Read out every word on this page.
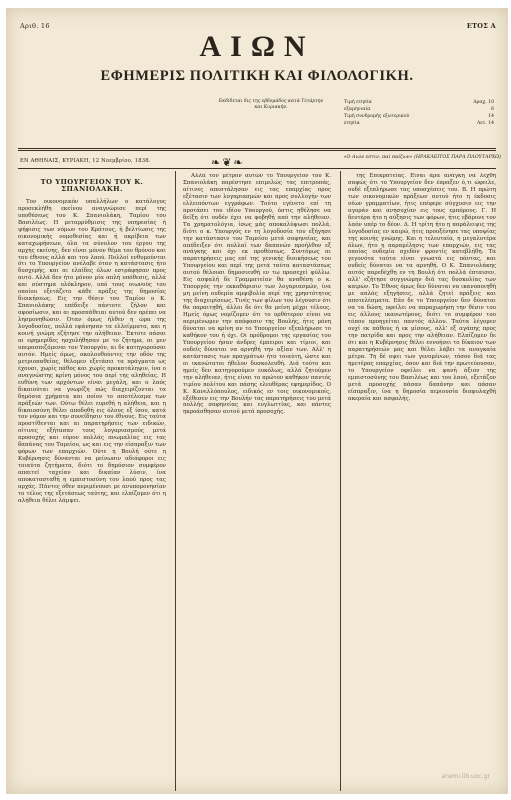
Αριθ. 16	ΕΤΟΣ Α
ΑΙΩΝ
ΕΦΗΜΕΡΙΣ ΠΟΛΙΤΙΚΗ ΚΑΙ ΦΙΛΟΛΟΓΙΚΗ.
Εκδίδεται δις της εβδομάδος κατά Τετάρτην και Κυριακήν.
Τιμή ετησία	Δραχ. 10
εξαμηνιαία	6
Τιμή συνδρομής εξωτερικού	14
ετησία	Λετ. 14
ΕΝ ΑΘΗΝΑΙΣ, ΚΥΡΙΑΚΗ, 12 Νοεμβρίου, 1838.	❧❦❧	«Ο Αιών εστιν, παί παίζων» (ΗΡΑΚΛΕΙΤΟΣ ΠΑΡΑ ΠΛΟΥΤΑΡΧΩ)
ΤΟ ΥΠΟΥΡΓΕΙΟΝ ΤΟΥ Κ. ΣΠΑΝΙΟΛΑΚΗ.

Τον οικονομικόν υπαλλήλων ο κατάλογος προσεκλήθη εκείνου αναγνώρισε περί της υποθέσεως του Κ. Σπανιολάκη, Ταμίου του Βασιλέως. Η μεταρρύθμισις της υπηρεσίας ή ψήφισις των νόμων του Κράτους, ή βελτίωσις της οικονομικής νομοθεσίας και ή ακρίβεια των καταχωρήσεων, όλα τα σύνολον του έργου της αρχής εκείνης, δεν είναι μόνον θέμα του θρόνου και του έθνους αλλά και του λαού. Πολλοί ενθυμούνται ότι το Υπουργείον ανέλαβε όταν η κατάστασις ήτο δυσχερής, και αι ελπίδες όλων εστράφησαν προς αυτό. Αλλά δεν ήτο μόνον μία απλή υπόθεσις, αλλά και σύστημα ολόκληρον, υπό τους οιωνούς του οποίου εξετάζετο κάθε πράξις της δημοσίας διοικήσεως. Εις την θέσιν του Ταμίου ο Κ. Σπανιολάκης επέδειξε πάντοτε ζήλον και αφοσίωσιν, και αι προσπάθειαι αυτού δεν πρέπει να λησμονηθώσιν. Όταν όμως ήλθεν η ώρα της λογοδοσίας, πολλά εφάνησαν τα ελλείμματα, και η κοινή γνώμη εζήτησε την αλήθειαν. Έκτοτε πάσαι αι εφημερίδες ησχολήθησαν με το ζήτημα, αι μεν υπερασπιζόμεναι τον Υπουργόν, αι δε κατηγορούσαι αυτόν. Ημείς όμως, ακολουθούντες την οδόν της μετριοπαθείας, θέλομεν εξετάσει τα πράγματα ως έχουσι, χωρίς πάθος και χωρίς προκατάληψιν, ίνα ο αναγνώστης κρίνη μόνος του περί της αληθείας. Η ευθύνη των αρχόντων είναι μεγάλη, και ο λαός δικαιούται να γνωρίζη πώς διαχειρίζονται τα δημόσια χρήματα και ποίον το αποτέλεσμα των πράξεών των. Ούτω θέλει ευρεθή η αλήθεια, και η δικαιοσύνη θέλει αποδοθή εις όλους εξ ίσου, κατά τον νόμον και την συνείδησιν του έθνους. Εις ταύτα προστίθενται και αι παρατηρήσεις των ειδικών, οίτινες εξήτασαν τους λογαριασμούς μετά προσοχής και εύρον πολλάς ανωμαλίας εις τας δαπάνας του Ταμείου, ως και εις την είσπραξιν των φόρων των επαρχιών. Ούτε η Βουλή ούτε η Κυβέρνησις δύνανται να μείνωσιν αδιάφοροι εις τοιαύτα ζητήματα, διότι το δημόσιον συμφέρον απαιτεί ταχείαν και δικαίαν λύσιν, ίνα αποκατασταθή η εμπιστοσύνη του λαού προς τας αρχάς. Πάντες όθεν περιμένουσι με ανυπομονησίαν το τέλος της εξετάσεως ταύτης, και ελπίζομεν ότι η αλήθεια θέλει λάμψει.

Αλλά τον μέτρον αυτών το Υπουργείον του Κ. Σπανιολάκη παρέστησε επιμελώς τας επιτροπάς, αίτινες απεστάλησαν εις τας επαρχίας προς εξέτασιν των λογαριασμών και προς συλλογήν των ελλειπόντων εγγράφων. Τούτο εγένετο επί τη προτάσει του ιδίου Υπουργού, όστις ηθέλησε να δείξη ότι ουδέν έχει να φοβηθή από την αλήθειαν. Τα χρηματολόγια, ίσως μάς αποκαλύψωσι πολλά, διότι ο κ. Υπουργός εν τη λογοδοσία του εξήγησε την κατάστασιν του Ταμείου μετά σαφηνείας, και απέδειξεν ότι πολλαί των δαπανών προήλθον εξ ανάγκης και όχι εκ προθέσεως. Συντόμως αι παρατηρήσεις μας επί της γενικής διοικήσεως του Υπουργείου και περί της μετά ταύτα καταστάσεως αυτού θέλουσι δημοσιευθή εν τω προσεχεί φύλλω. Εις ασφαλή δε Γραμματείαν θα αναθέση ο κ. Υπουργός την εκκαθάρισιν των λογαριασμών, ίνα μη μείνη ουδεμία αμφιβολία περί της χρηστότητος της διαχειρίσεως. Τινές των φίλων του λέγουσιν ότι θα παραιτηθή, άλλοι δε ότι θα μείνη μέχρι τέλους. Ημείς όμως νομίζομεν ότι το ορθότερον είναι να περιμένωμεν την απόφασιν της Βουλής, ήτις μόνη δύναται να κρίνη αν το Υπουργείον εξεπλήρωσε το καθήκον του ή όχι. Οι πρόδρομοι της εργασίας του Υπουργείου ήσαν άνδρες έμπειροι και τίμιοι, και ουδείς δύναται να αρνηθή την αξίαν των. Αλλ’ η κατάστασις των πραγμάτων ήτο τοιαύτη, ώστε και οι ικανώτατοι ήθελον δυσκολευθή. Διά τούτο και ημείς δεν κατηγορούμεν ευκόλως, αλλά ζητούμεν την αλήθειαν, ήτις είναι το πρώτον καθήκον παντός τιμίου πολίτου και πάσης ελευθέρας εφημερίδος. Ο Κ. Κανελλόπουλος, ειδικός εν τοις οικονομικοίς, εξέθεσεν εις την Βουλήν τας παρατηρήσεις του μετά πολλής σαφηνείας και ευγλωττίας, και πάντες ηκροάσθησαν αυτού μετά προσοχής.

της Επικρατείας. Είναι άρα ανάγκη να λεχθή σαφώς ότι το Υπουργείον δεν έπραξεν ό,τι ώφειλε, ουδέ εξεπλήρωσε τας υποσχέσεις του. Β. Η πρώτη των οικονομικών πράξεων αυτού ήτο η έκδοσις νέων γραμματίων, ήτις επέφερε σύγχυσιν εις την αγοράν και ανησυχίαν εις τους εμπόρους. Γ. Η δευτέρα ήτο η αύξησις των φόρων, ήτις εβάρυνε τον λαόν υπέρ το δέον. Δ. Η τρίτη ήτο η παράλειψις της λογοδοσίας εν καιρώ, ήτις προυξένησε τας υποψίας της κοινής γνώμης. Και η τελευταία, η μεγαλυτέρα όλων, ήτο η παραμέλησις των επαρχιών, εις τας οποίας ουδεμία σχεδόν φροντίς κατεβλήθη. Τα γεγονότα ταύτα είναι γνωστά εις πάντας, και ουδείς δύναται να τα αρνηθή. Ο Κ. Σπανιολάκης αυτός παρεδέχθη εν τη Βουλή ότι πολλά έπταισεν, αλλ’ εζήτησε συγγνώμην διά τας δυσκολίας των καιρών. Το Έθνος όμως δεν δύναται να ικανοποιηθή με απλάς εξηγήσεις, αλλά ζητεί πράξεις και αποτελέσματα. Εάν δε το Υπουργείον δεν δύναται να τα δώση, οφείλει να παραχωρήση την θέσιν του εις άλλους ικανωτέρους, διότι το συμφέρον του τόπου προηγείται παντός άλλου. Ταύτα λέγομεν ουχί εκ πάθους ή εκ μίσους, αλλ’ εξ αγάπης προς την πατρίδα και προς την αλήθειαν. Ελπίζομεν δε ότι και η Κυβέρνησις θέλει εννοήσει το δίκαιον των παρατηρήσεών μας και θέλει λάβει τα αναγκαία μέτρα. Τη δέ οψει των γενομένων, τόσον διά τας ημετέρας επαρχίας, όσον και διά την πρωτεύουσαν, το Υπουργείον οφείλει να φανή άξιον της εμπιστοσύνης του Βασιλέως και του λαού, εξετάζον μετά προσοχής πάσαν δαπάνην και πάσαν είσπραξιν, ίνα η δημοσία περιουσία διαφυλαχθή ακεραία και ασφαλής.

anemi.lib.uoc.gr
